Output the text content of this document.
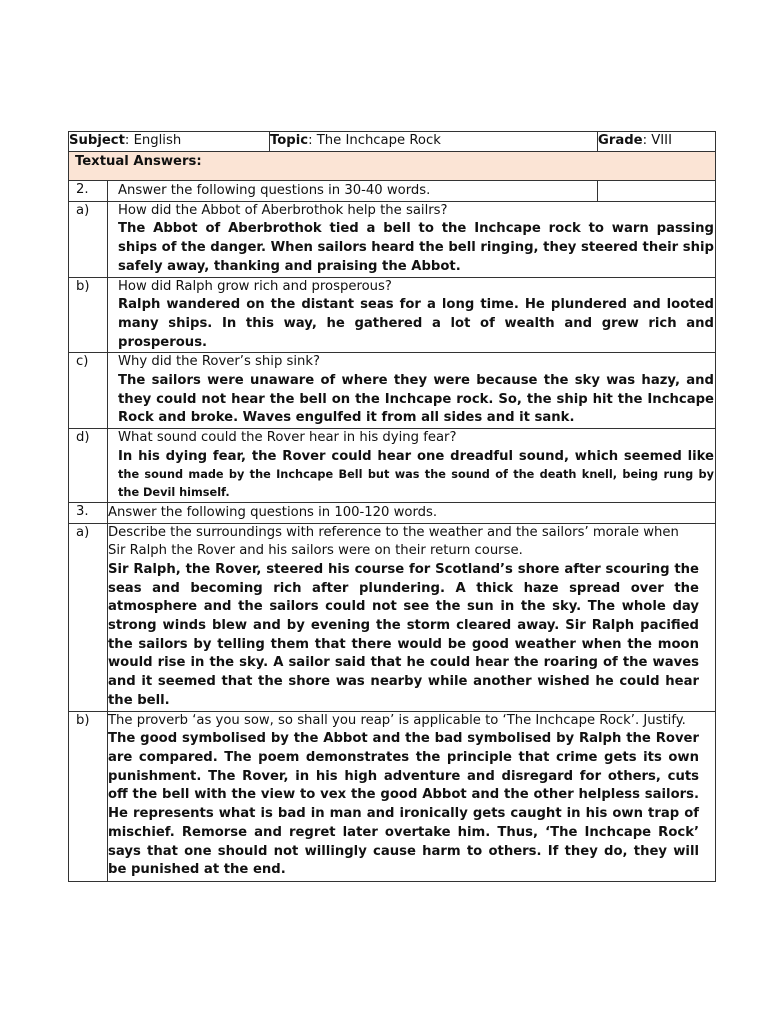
Subject: English		Topic: The Inchcape Rock	Grade: VIII
Textual Answers:			
2.	Answer the following questions in 30-40 words.		
a)	How did the Abbot of Aberbrothok help the sailrs?
The Abbot of Aberbrothok tied a bell to the Inchcape rock to warn passing ships of the danger. When sailors heard the bell ringing, they steered their ship safely away, thanking and praising the Abbot.		

b)	How did Ralph grow rich and prosperous?
Ralph wandered on the distant seas for a long time. He plundered and looted many ships. In this way, he gathered a lot of wealth and grew rich and prosperous.		

c)	Why did the Rover’s ship sink?
The sailors were unaware of where they were because the sky was hazy, and they could not hear the bell on the Inchcape rock. So, the ship hit the Inchcape Rock and broke. Waves engulfed it from all sides and it sank.		

d)	What sound could the Rover hear in his dying fear?
In his dying fear, the Rover could hear one dreadful sound, which seemed like the sound made by the Inchcape Bell but was the sound of the death knell, being rung by the Devil himself.		

3.	Answer the following questions in 100-120 words.		
a)	Describe the surroundings with reference to the weather and the sailors’ morale when Sir Ralph the Rover and his sailors were on their return course.
Sir Ralph, the Rover, steered his course for Scotland’s shore after scouring the seas and becoming rich after plundering. A thick haze spread over the atmosphere and the sailors could not see the sun in the sky. The whole day strong winds blew and by evening the storm cleared away. Sir Ralph pacified the sailors by telling them that there would be good weather when the moon would rise in the sky. A sailor said that he could hear the roaring of the waves and it seemed that the shore was nearby while another wished he could hear the bell.		

b)	The proverb ‘as you sow, so shall you reap’ is applicable to ‘The Inchcape Rock’. Justify.
The good symbolised by the Abbot and the bad symbolised by Ralph the Rover are compared. The poem demonstrates the principle that crime gets its own punishment. The Rover, in his high adventure and disregard for others, cuts off the bell with the view to vex the good Abbot and the other helpless sailors. He represents what is bad in man and ironically gets caught in his own trap of mischief. Remorse and regret later overtake him. Thus, ‘The Inchcape Rock’ says that one should not willingly cause harm to others. If they do, they will be punished at the end.		
